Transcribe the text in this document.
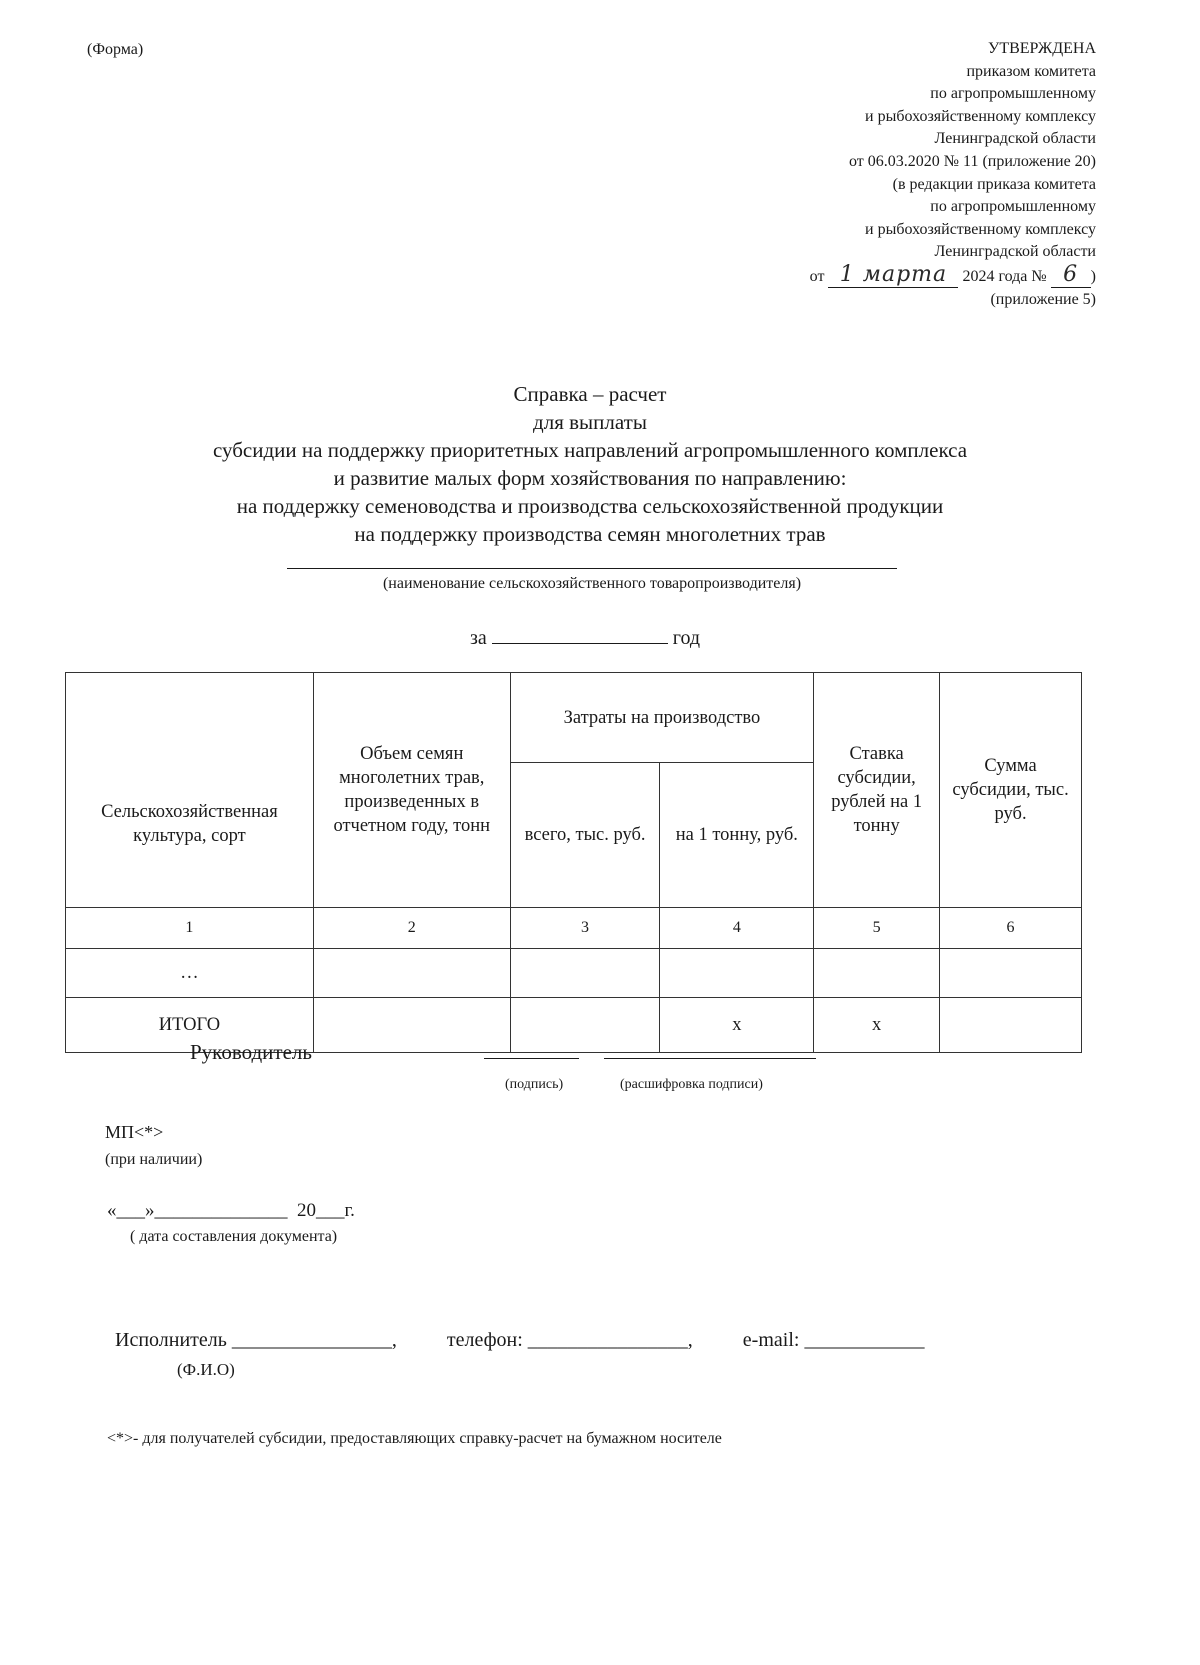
(Форма)	УТВЕРЖДЕНА
приказом комитета
по агропромышленному
и рыбохозяйственному комплексу
Ленинградской области
от 06.03.2020 № 11 (приложение 20)
(в редакции приказа комитета
по агропромышленному
и рыбохозяйственному комплексу
Ленинградской области
от 1 марта 2024 года № 6 )
(приложение 5)
Справка – расчет
для выплаты
субсидии на поддержку приоритетных направлений агропромышленного комплекса
и развитие малых форм хозяйствования по направлению:
на поддержку семеноводства и производства сельскохозяйственной продукции
на поддержку производства семян многолетних трав
(наименование сельскохозяйственного товаропроизводителя)
за	год
Сельскохозяйственная культура, сорт	Объем семян многолетних трав, произведенных в отчетном году, тонн	Затраты на производство		Ставка субсидии, рублей на 1 тонну	Сумма субсидии, тыс. руб.
		всего, тыс. руб.	на 1 тонну, руб.		
1	2	3	4	5	6
…					
ИТОГО			x	x	
Руководитель
(подпись)	(расшифровка подписи)
МП<*>
(при наличии)
«___»______________  20___г.
( дата составления документа)
Исполнитель ________________,          телефон: ________________,          e-mail: ____________
(Ф.И.О)
<*>- для получателей субсидии, предоставляющих справку-расчет на бумажном носителе
